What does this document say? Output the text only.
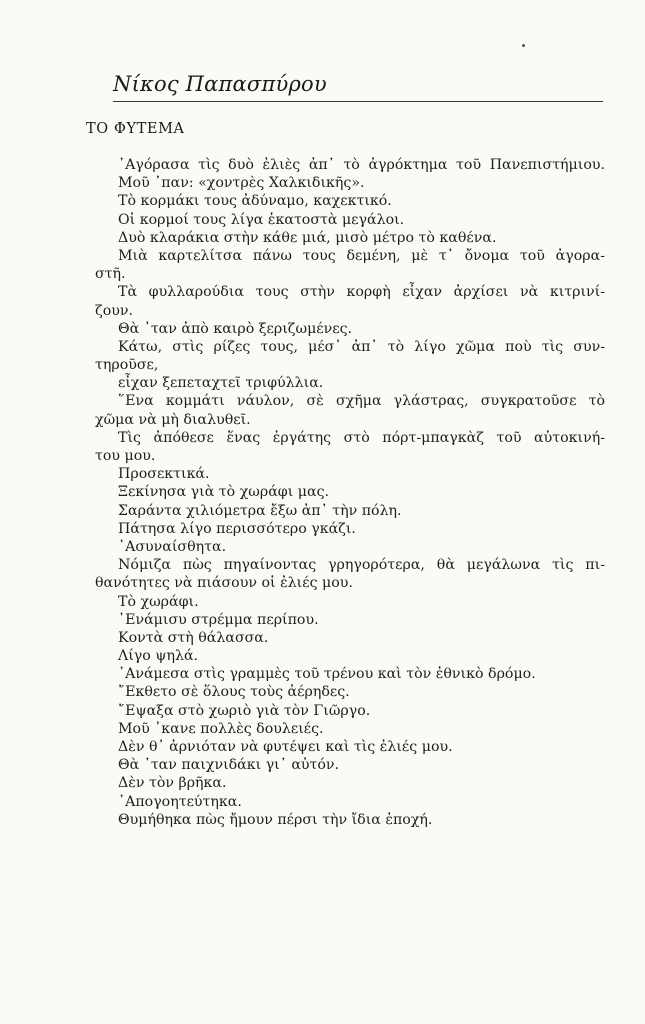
Νίκος Παπασπύρου
ΤΟ ΦΥΤΕΜΑ
᾿Αγόρασα τὶς δυὸ ἐλιὲς ἀπ᾿ τὸ ἀγρόκτημα τοῦ Πανεπιστήμιου.
Μοῦ ᾿παν: «χοντρὲς Χαλκιδικῆς».
Τὸ κορμάκι τους ἀδύναμο, καχεκτικό.
Οἱ κορμοί τους λίγα ἑκατοστὰ μεγάλοι.
Δυὸ κλαράκια στὴν κάθε μιά, μισὸ μέτρο τὸ καθένα.
Μιὰ καρτελίτσα πάνω τους δεμένη, μὲ τ᾿ ὄνομα τοῦ ἀγορα-
στῆ.
Τὰ φυλλαρούδια τους στὴν κορφὴ εἶχαν ἀρχίσει νὰ κιτρινί-
ζουν.
Θὰ ᾿ταν ἀπὸ καιρὸ ξεριζωμένες.
Κάτω, στὶς ρίζες τους, μέσ᾿ ἀπ᾿ τὸ λίγο χῶμα ποὺ τὶς συν-
τηροῦσε,
εἶχαν ξεπεταχτεῖ τριφύλλια.
῞Ενα κομμάτι νάυλον, σὲ σχῆμα γλάστρας, συγκρατοῦσε τὸ
χῶμα νὰ μὴ διαλυθεῖ.
Τὶς ἀπόθεσε ἕνας ἐργάτης στὸ πόρτ-μπαγκὰζ τοῦ αὐτοκινή-
του μου.
Προσεκτικά.
Ξεκίνησα γιὰ τὸ χωράφι μας.
Σαράντα χιλιόμετρα ἔξω ἀπ᾿ τὴν πόλη.
Πάτησα λίγο περισσότερο γκάζι.
᾿Ασυναίσθητα.
Νόμιζα πὼς πηγαίνοντας γρηγορότερα, θὰ μεγάλωνα τὶς πι-
θανότητες νὰ πιάσουν οἱ ἐλιές μου.
Τὸ χωράφι.
῾Ενάμισυ στρέμμα περίπου.
Κοντὰ στὴ θάλασσα.
Λίγο ψηλά.
᾿Ανάμεσα στὶς γραμμὲς τοῦ τρένου καὶ τὸν ἐθνικὸ δρόμο.
῎Εκθετο σὲ ὅλους τοὺς ἀέρηδες.
῎Εψαξα στὸ χωριὸ γιὰ τὸν Γιῶργο.
Μοῦ ᾿κανε πολλὲς δουλειές.
Δὲν θ᾿ ἀρνιόταν νὰ φυτέψει καὶ τὶς ἐλιές μου.
Θὰ ᾿ταν παιχνιδάκι γι᾿ αὐτόν.
Δὲν τὸν βρῆκα.
᾿Απογοητεύτηκα.
Θυμήθηκα πὼς ἤμουν πέρσι τὴν ἴδια ἐποχή.
